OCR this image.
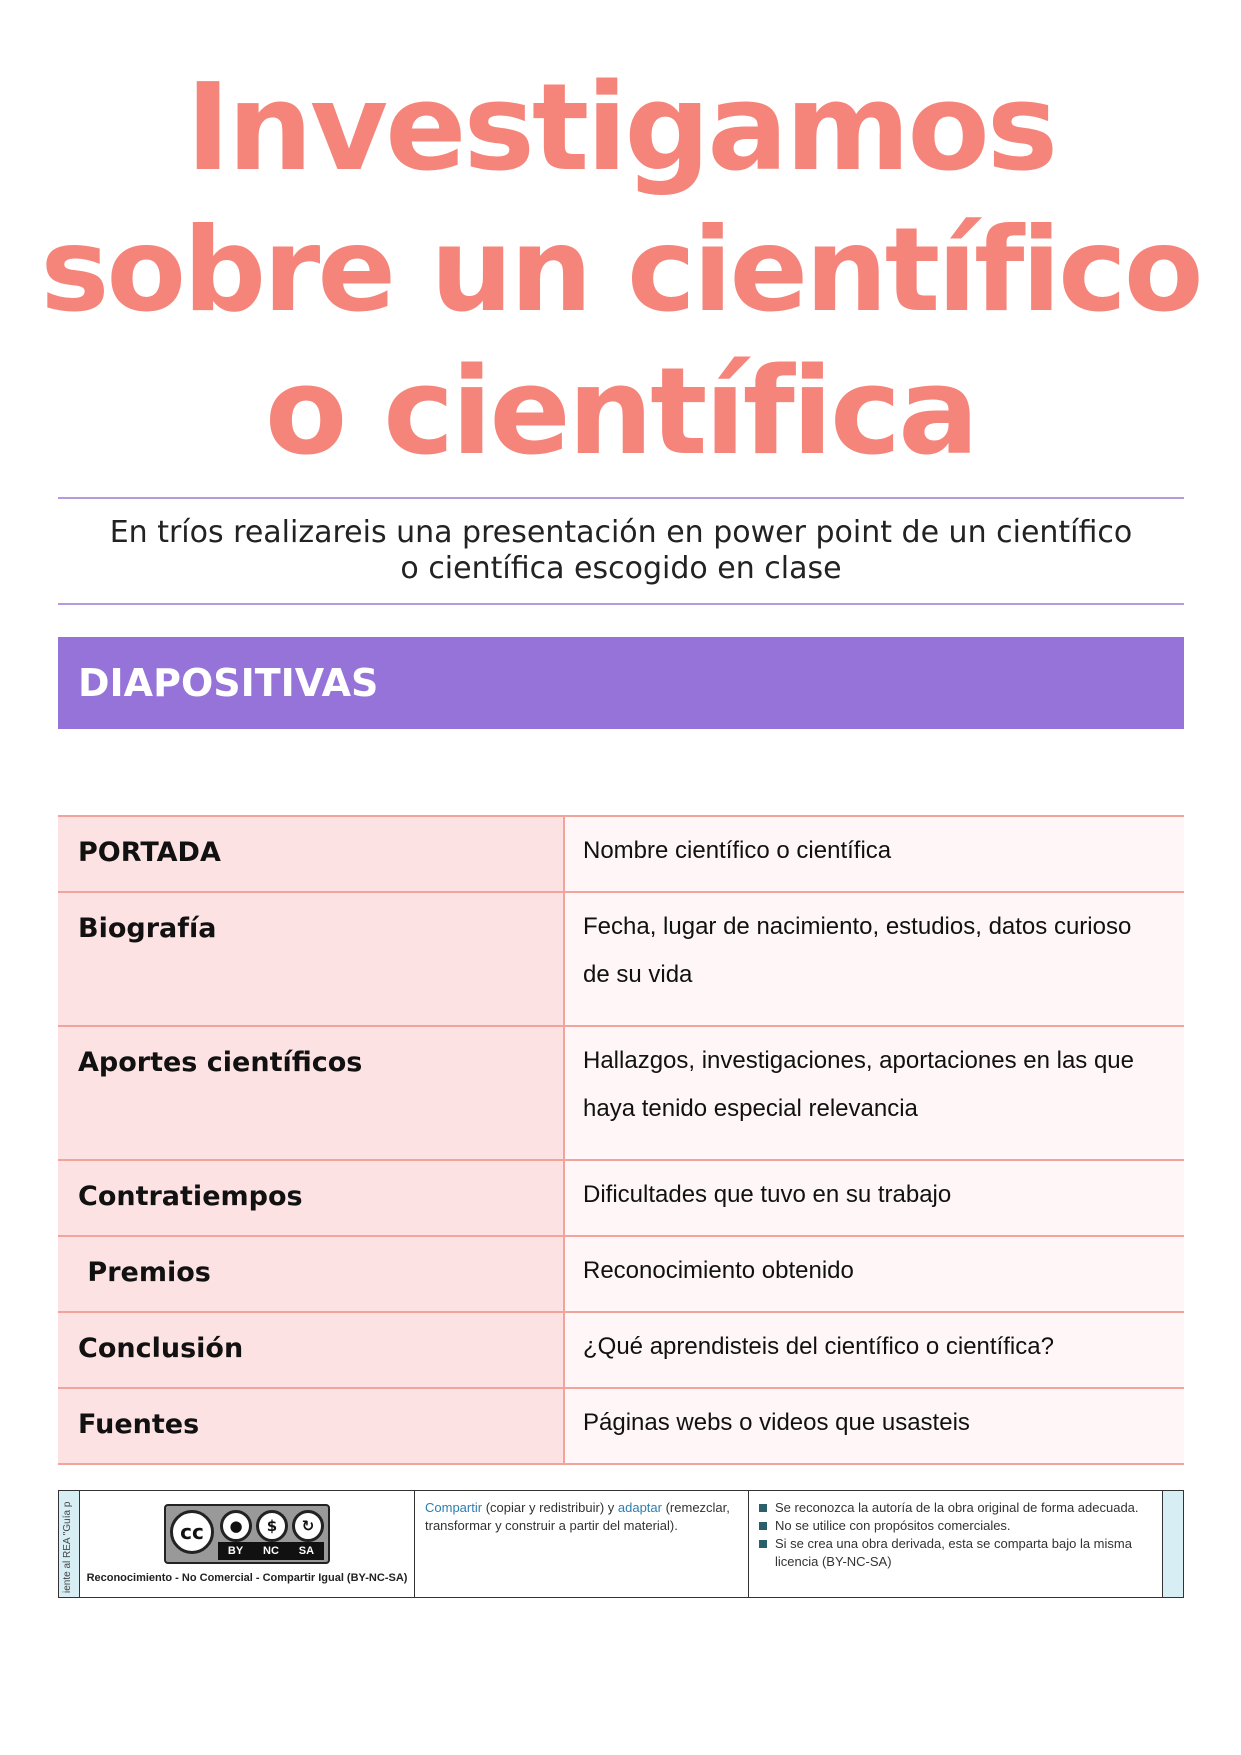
Investigamos
sobre un científico
o científica
En tríos realizareis una presentación en power point de un científico
o científica escogido en clase
DIAPOSITIVAS
PORTADA	Nombre científico o científica

Biografía	Fecha, lugar de nacimiento, estudios, datos curioso
de su vida

Aportes científicos	Hallazgos, investigaciones, aportaciones en las que
haya tenido especial relevancia

Contratiempos	Dificultades que tuvo en su trabajo

Premios	Reconocimiento obtenido

Conclusión	¿Qué aprendisteis del científico o científica?

Fuentes	Páginas webs o videos que usasteis
iente al REA "Guía p	cc	●	$	↻
BY NC SA
Reconocimiento - No Comercial - Compartir Igual (BY-NC-SA)
Compartir (copiar y redistribuir) y adaptar (remezclar, transformar y construir a partir del material).
Se reconozca la autoría de la obra original de forma adecuada.
No se utilice con propósitos comerciales.
Si se crea una obra derivada, esta se comparta bajo la misma licencia (BY-NC-SA)
